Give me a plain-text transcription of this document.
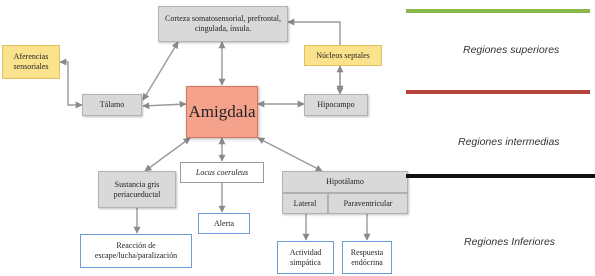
Corteza somatosensorial, prefrontal, cingulada, ínsula.
Aferencias sensoriales
Núcleos septales
Tálamo	Amigdala	Hipocampo
Sustancia gris periacueductal
Locus coeruleus
Hipotálamo
Lateral	Paraventricular
Reacción de escape/lucha/paralización
Alerta
Actividad simpática
Respuesta endócrina
Regiones superiores
Regiones intermedias
Regiones Inferiores
